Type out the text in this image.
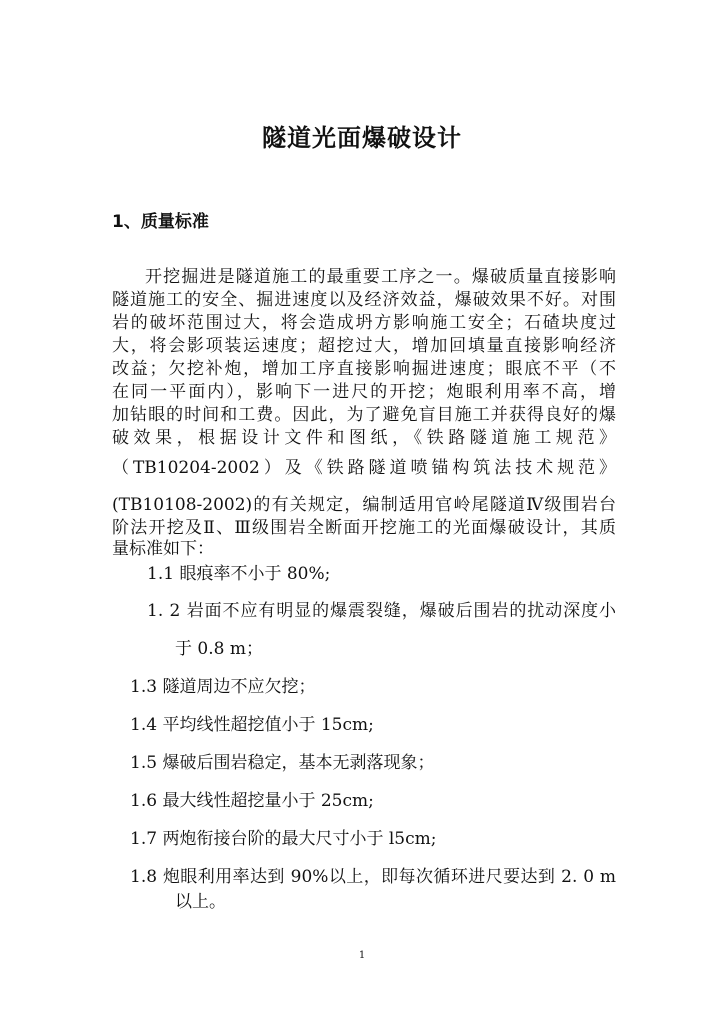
隧道光面爆破设计
1、质量标准
开挖掘进是隧道施工的最重要工序之一。爆破质量直接影响
隧道施工的安全、掘进速度以及经济效益，爆破效果不好。对围
岩的破坏范围过大，将会造成坍方影响施工安全；石碴块度过
大，将会影项装运速度；超挖过大，增加回填量直接影响经济
改益；欠挖补炮，增加工序直接影响掘进速度；眼底不平（不
在同一平面内），影响下一进尺的开挖；炮眼利用率不高，增
加钻眼的时间和工费。因此，为了避免盲目施工并获得良好的爆
破效果，根据设计文件和图纸，《铁路隧道施工规范》
（TB10204-2002）及《铁路隧道喷锚构筑法技术规范》
(TB10108-2002)的有关规定，编制适用官岭尾隧道Ⅳ级围岩台
阶法开挖及Ⅱ、Ⅲ级围岩全断面开挖施工的光面爆破设计，其质
量标准如下：
1.1 眼痕率不小于 80%;
1. 2 岩面不应有明显的爆震裂缝，爆破后围岩的扰动深度小
于 0.8 m；
1.3 隧道周边不应欠挖；
1.4 平均线性超挖值小于 15cm;
1.5 爆破后围岩稳定，基本无剥落现象；
1.6 最大线性超挖量小于 25cm;
1.7 两炮衔接台阶的最大尺寸小于 l5cm;
1.8 炮眼利用率达到 90%以上，即每次循环进尺要达到 2. 0 m
以上。
1
